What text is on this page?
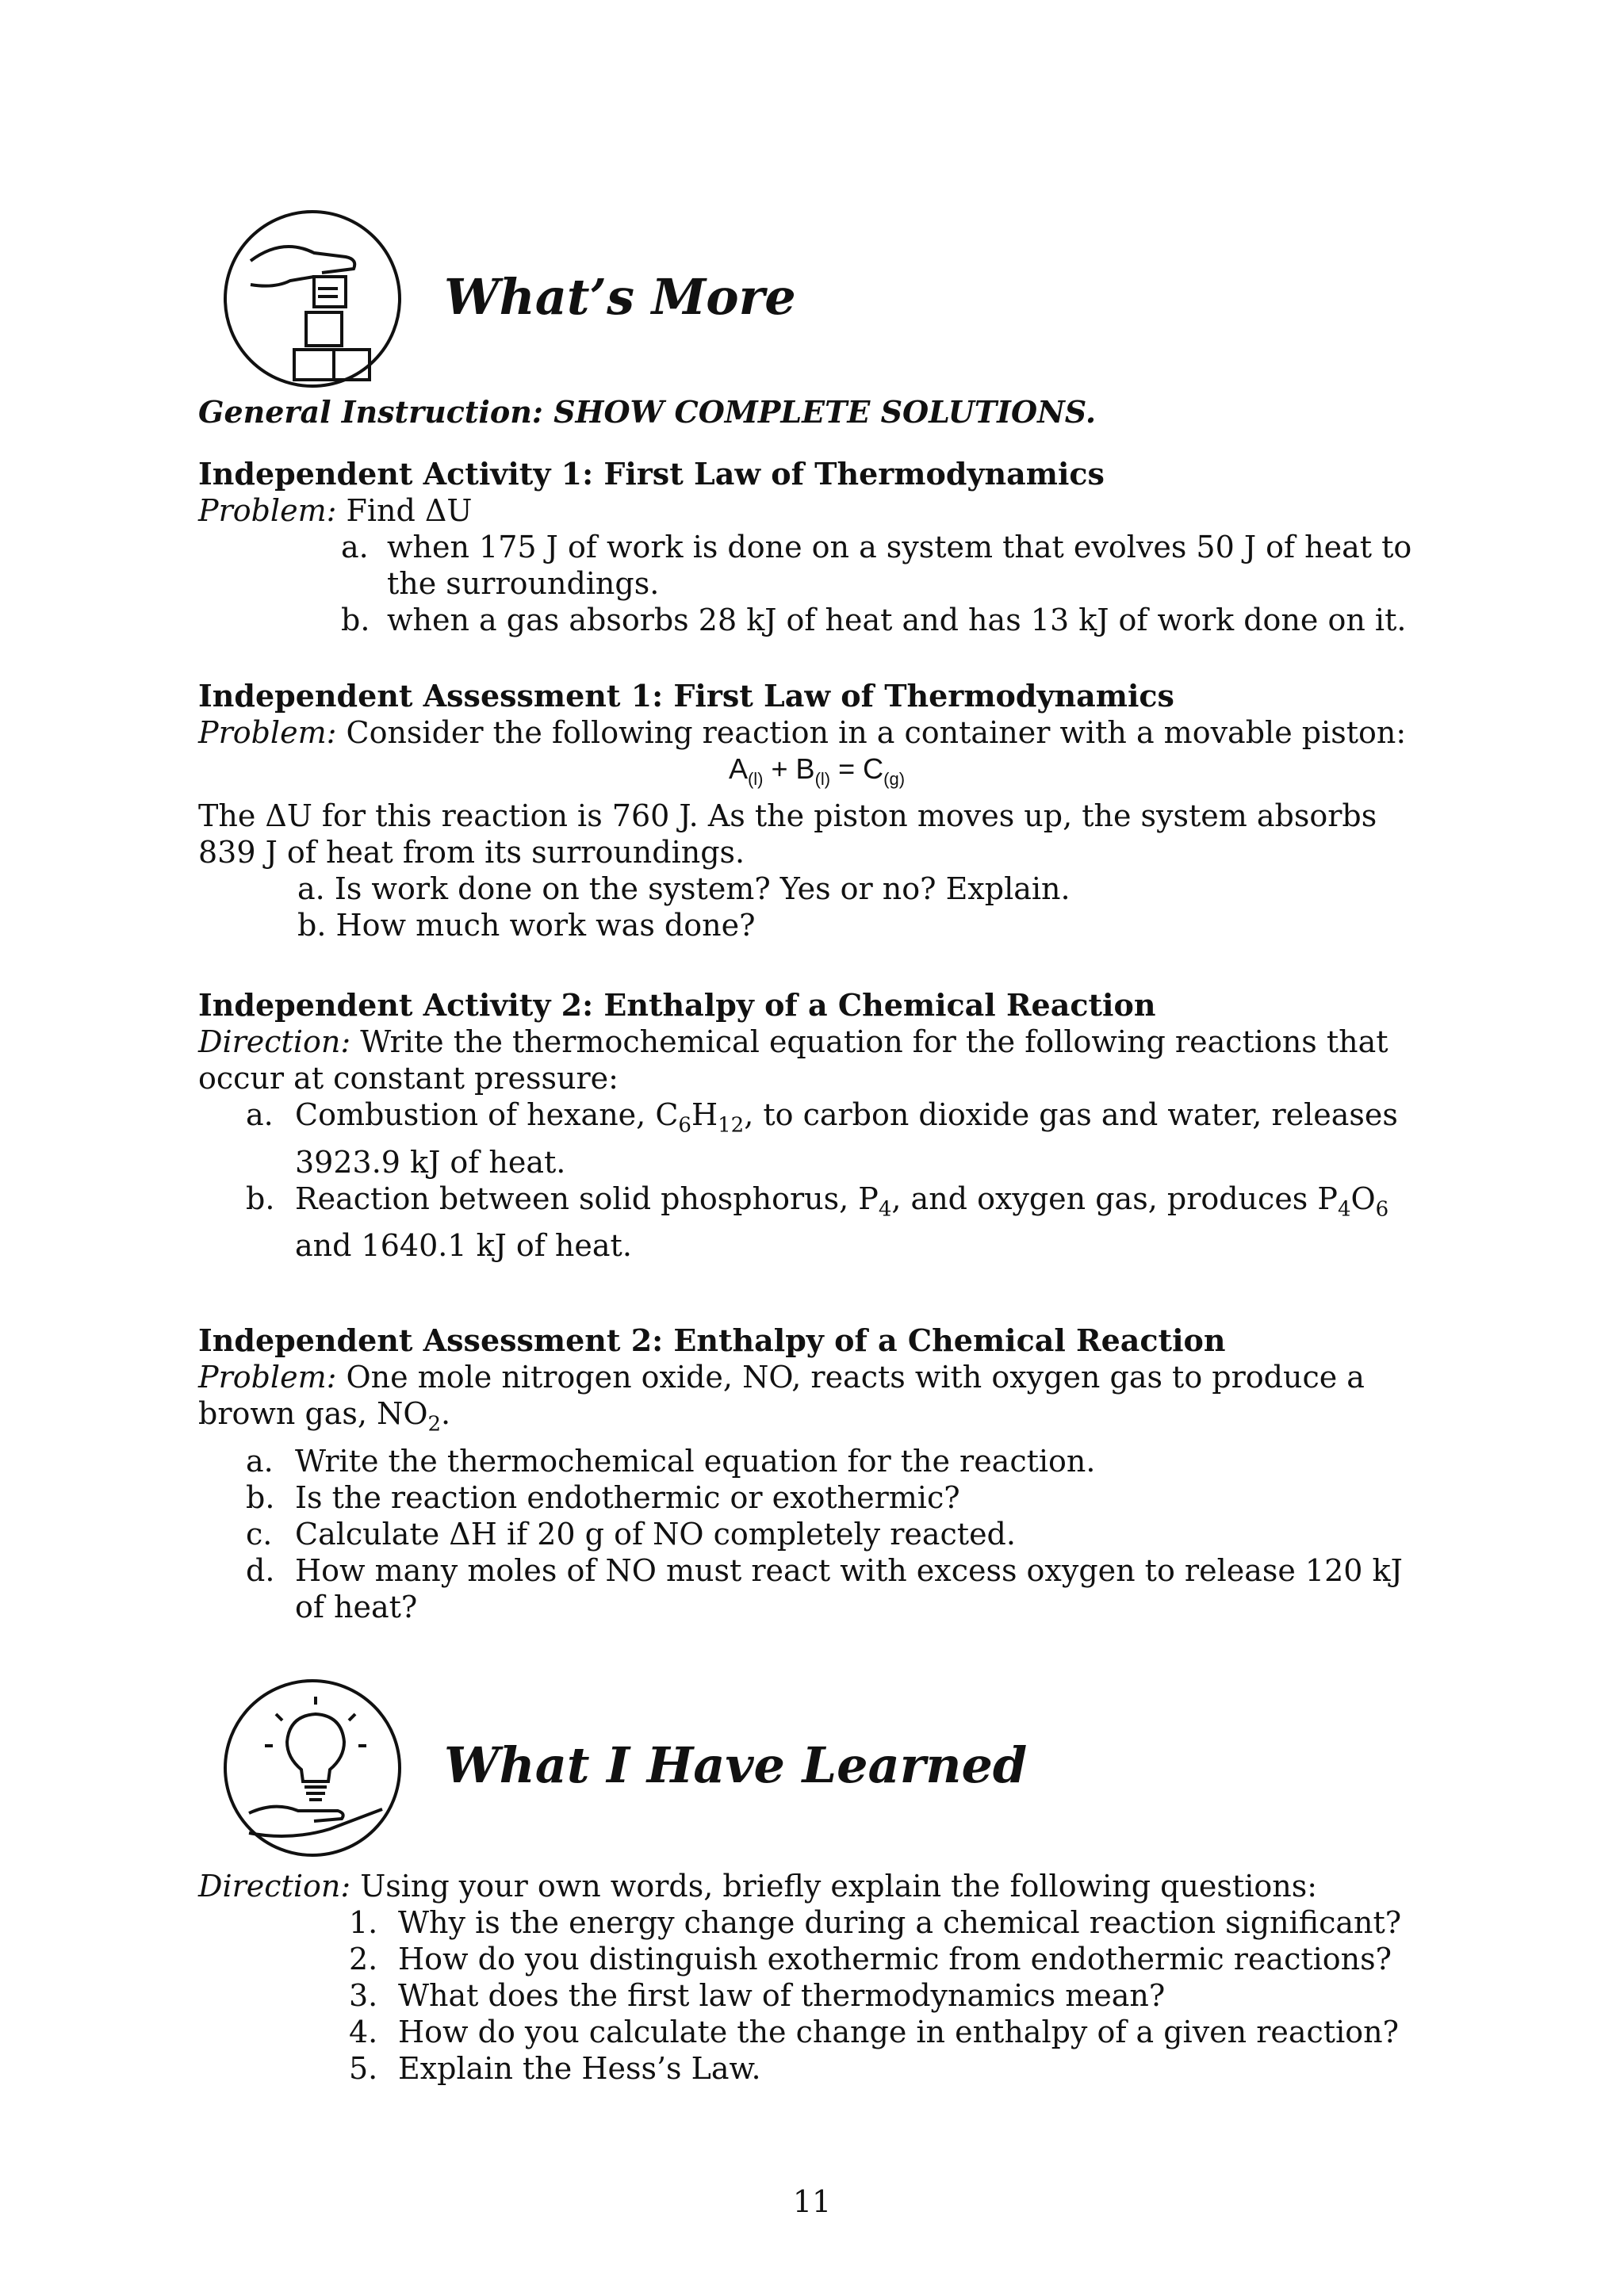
What’s More

General Instruction: SHOW COMPLETE SOLUTIONS.

Independent Activity 1: First Law of Thermodynamics

Problem: Find ΔU

a. when 175 J of work is done on a system that evolves 50 J of heat to the surroundings.
b. when a gas absorbs 28 kJ of heat and has 13 kJ of work done on it.

Independent Assessment 1: First Law of Thermodynamics

Problem: Consider the following reaction in a container with a movable piston:

$A_{(l)} + B_{(l)} = C_{(g)}$

The ΔU for this reaction is 760 J. As the piston moves up, the system absorbs 839 J of heat from its surroundings.

a. Is work done on the system? Yes or no? Explain.
b. How much work was done?

Independent Activity 2: Enthalpy of a Chemical Reaction

Direction: Write the thermochemical equation for the following reactions that occur at constant pressure:

a. Combustion of hexane, $C_6H_{12}$, to carbon dioxide gas and water, releases 3923.9 kJ of heat.
b. Reaction between solid phosphorus, $P_4$, and oxygen gas, produces $P_4O_6$ and 1640.1 kJ of heat.

Independent Assessment 2: Enthalpy of a Chemical Reaction

Problem: One mole nitrogen oxide, NO, reacts with oxygen gas to produce a brown gas, $NO_2$.

a. Write the thermochemical equation for the reaction.
b. Is the reaction endothermic or exothermic?
c. Calculate ΔH if 20 g of NO completely reacted.
d. How many moles of NO must react with excess oxygen to release 120 kJ of heat?
What I Have Learned

Direction: Using your own words, briefly explain the following questions:

1. Why is the energy change during a chemical reaction significant?
2. How do you distinguish exothermic from endothermic reactions?
3. What does the first law of thermodynamics mean?
4. How do you calculate the change in enthalpy of a given reaction?
5. Explain the Hess’s Law.
11
